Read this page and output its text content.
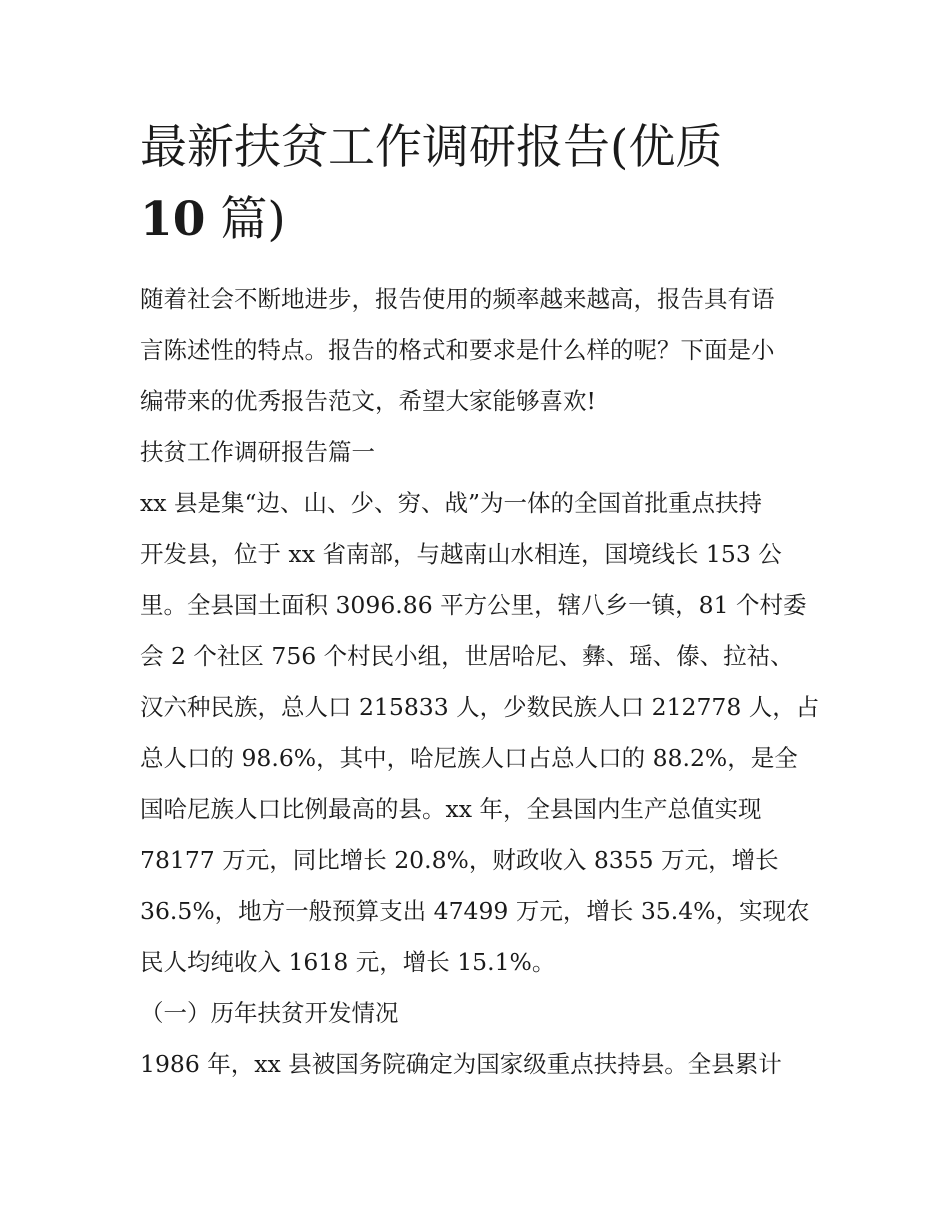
最新扶贫工作调研报告(优质
10 篇)

随着社会不断地进步，报告使用的频率越来越高，报告具有语
言陈述性的特点。报告的格式和要求是什么样的呢？下面是小
编带来的优秀报告范文，希望大家能够喜欢!

扶贫工作调研报告篇一

xx 县是集“边、山、少、穷、战”为一体的全国首批重点扶持
开发县，位于 xx 省南部，与越南山水相连，国境线长 153 公
里。全县国土面积 3096.86 平方公里，辖八乡一镇，81 个村委
会 2 个社区 756 个村民小组，世居哈尼、彝、瑶、傣、拉祜、
汉六种民族，总人口 215833 人，少数民族人口 212778 人，占
总人口的 98.6%，其中，哈尼族人口占总人口的 88.2%，是全
国哈尼族人口比例最高的县。xx 年，全县国内生产总值实现
78177 万元，同比增长 20.8%，财政收入 8355 万元，增长
36.5%，地方一般预算支出 47499 万元，增长 35.4%，实现农
民人均纯收入 1618 元，增长 15.1%。

（一）历年扶贫开发情况

1986 年，xx 县被国务院确定为国家级重点扶持县。全县累计
